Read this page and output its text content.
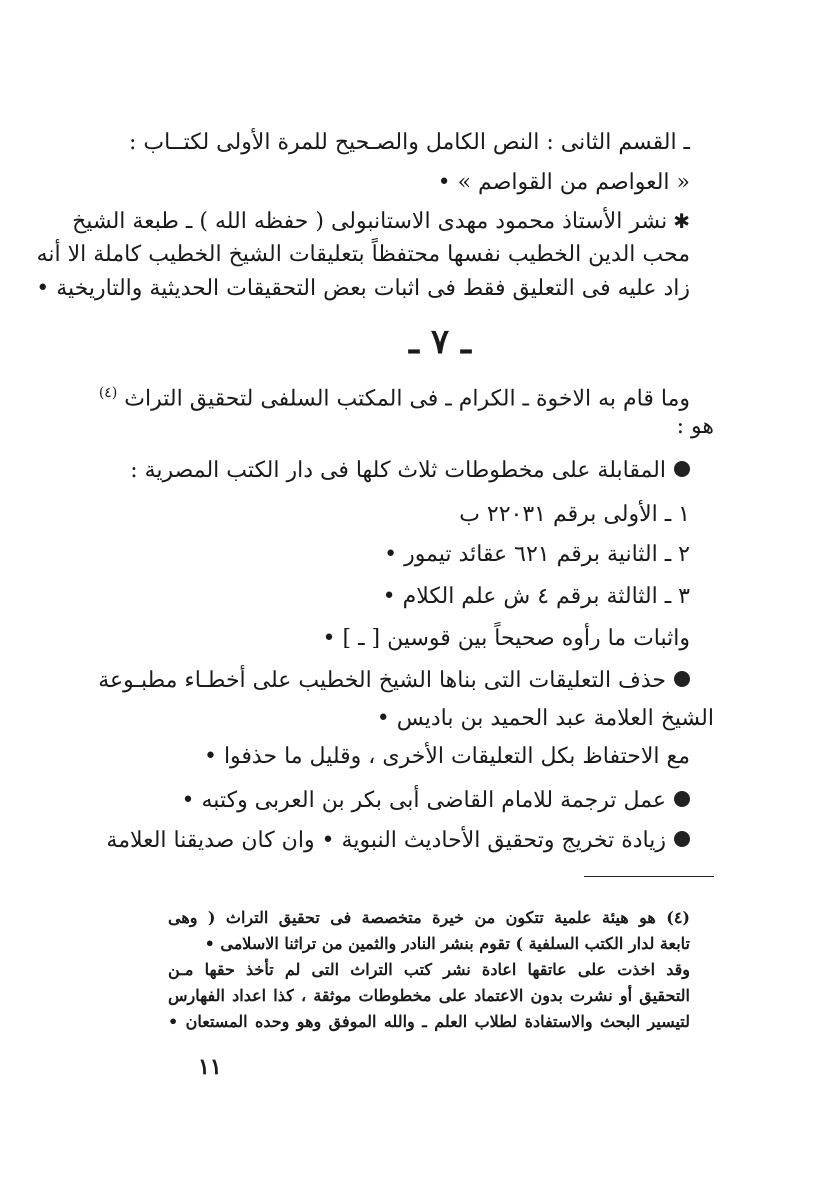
ـ القسم الثانى : النص الكامل والصـحيح للمرة الأولى لكتــاب :
« العواصم من القواصم » •
✱نشر الأستاذ محمود مهدى الاستانبولى ( حفظه الله ) ـ طبعة الشيخ
محب الدين الخطيب نفسها محتفظاً بتعليقات الشيخ الخطيب كاملة الا أنه
زاد عليه فى التعليق فقط فى اثبات بعض التحقيقات الحديثية والتاريخية •
ـ ٧ ـ
وما قام به الاخوة ـ الكرام ـ فى المكتب السلفى لتحقيق التراث $^{(٤)}$
هو :
المقابلة على مخطوطات ثلاث كلها فى دار الكتب المصرية :
١ ـ الأولى برقم ٢٢٠٣١ ب
٢ ـ الثانية برقم ٦٢١ عقائد تيمور •
٣ ـ الثالثة برقم ٤ ش علم الكلام •
واثبات ما رأوه صحيحاً بين قوسين [ ـ ] •
حذف التعليقات التى بناها الشيخ الخطيب على أخطـاء مطبـوعة
الشيخ العلامة عبد الحميد بن باديس •
مع الاحتفاظ بكل التعليقات الأخرى ، وقليل ما حذفوا •
عمل ترجمة للامام القاضى أبى بكر بن العربى وكتبه •
زيادة تخريج وتحقيق الأحاديث النبوية • وان كان صديقنا العلامة
(٤) هو هيئة علمية تتكون من خيرة متخصصة فى تحقيق التراث ( وهى
تابعة لدار الكتب السلفية ) تقوم بنشر النادر والثمين من تراثنا الاسلامى •
وقد اخذت على عاتقها اعادة نشر كتب التراث التى لم تأخذ حقها مـن
التحقيق أو نشرت بدون الاعتماد على مخطوطات موثقة ، كذا اعداد الفهارس
لتيسير البحث والاستفادة لطلاب العلم ـ والله الموفق وهو وحده المستعان •
١١
